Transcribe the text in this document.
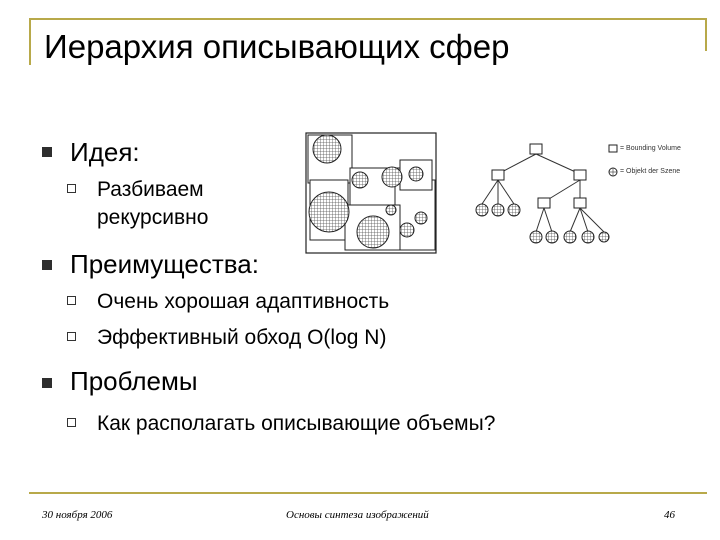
Иерархия описывающих сфер
Идея:
Разбиваем
рекурсивно
Преимущества:
Очень хорошая адаптивность
Эффективный обход O(log N)
Проблемы
Как располагать описывающие объемы?
= Bounding Volume
= Objekt der Szene
30 ноября 2006	Основы синтеза изображений	46
